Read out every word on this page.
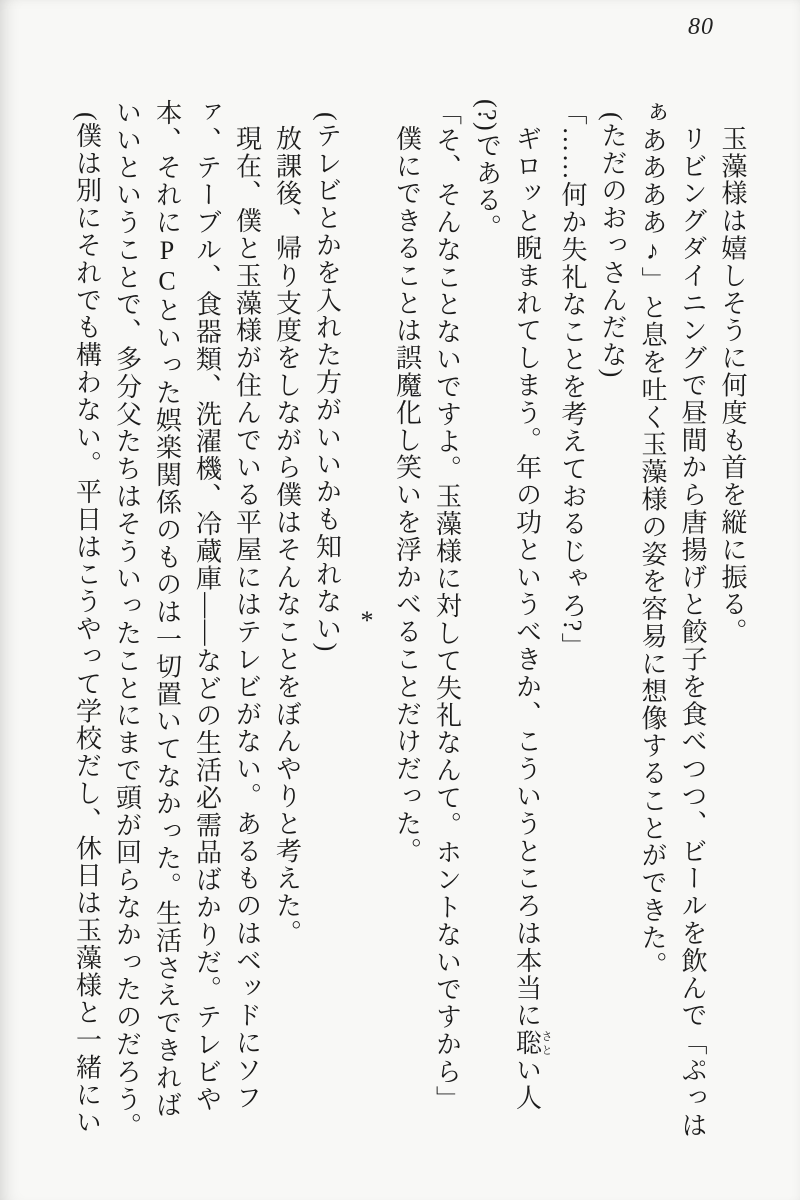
80

玉藻様は嬉しそうに何度も首を縦に振る。

リビングダイニングで昼間から唐揚げと餃子を食べつつ、ビールを飲んで「ぷっはぁああああ♪」と息を吐く玉藻様の姿を容易に想像することができた。

(ただのおっさんだな)

「……何か失礼なことを考えておるじゃろ?」

ギロッと睨まれてしまう。年の功というべきか、こういうところは本当に聡さとい人(?)である。

「そ、そんなことないですよ。玉藻様に対して失礼なんて。ホントないですから」

僕にできることは誤魔化し笑いを浮かべることだけだった。

*

(テレビとかを入れた方がいいかも知れない)

放課後、帰り支度をしながら僕はそんなことをぼんやりと考えた。

現在、僕と玉藻様が住んでいる平屋にはテレビがない。あるものはベッドにソファ、テーブル、食器類、洗濯機、冷蔵庫――などの生活必需品ばかりだ。テレビや本、それにPCといった娯楽関係のものは一切置いてなかった。生活さえできればいいということで、多分父たちはそういったことにまで頭が回らなかったのだろう。

(僕は別にそれでも構わない。平日はこうやって学校だし、休日は玉藻様と一緒にい
